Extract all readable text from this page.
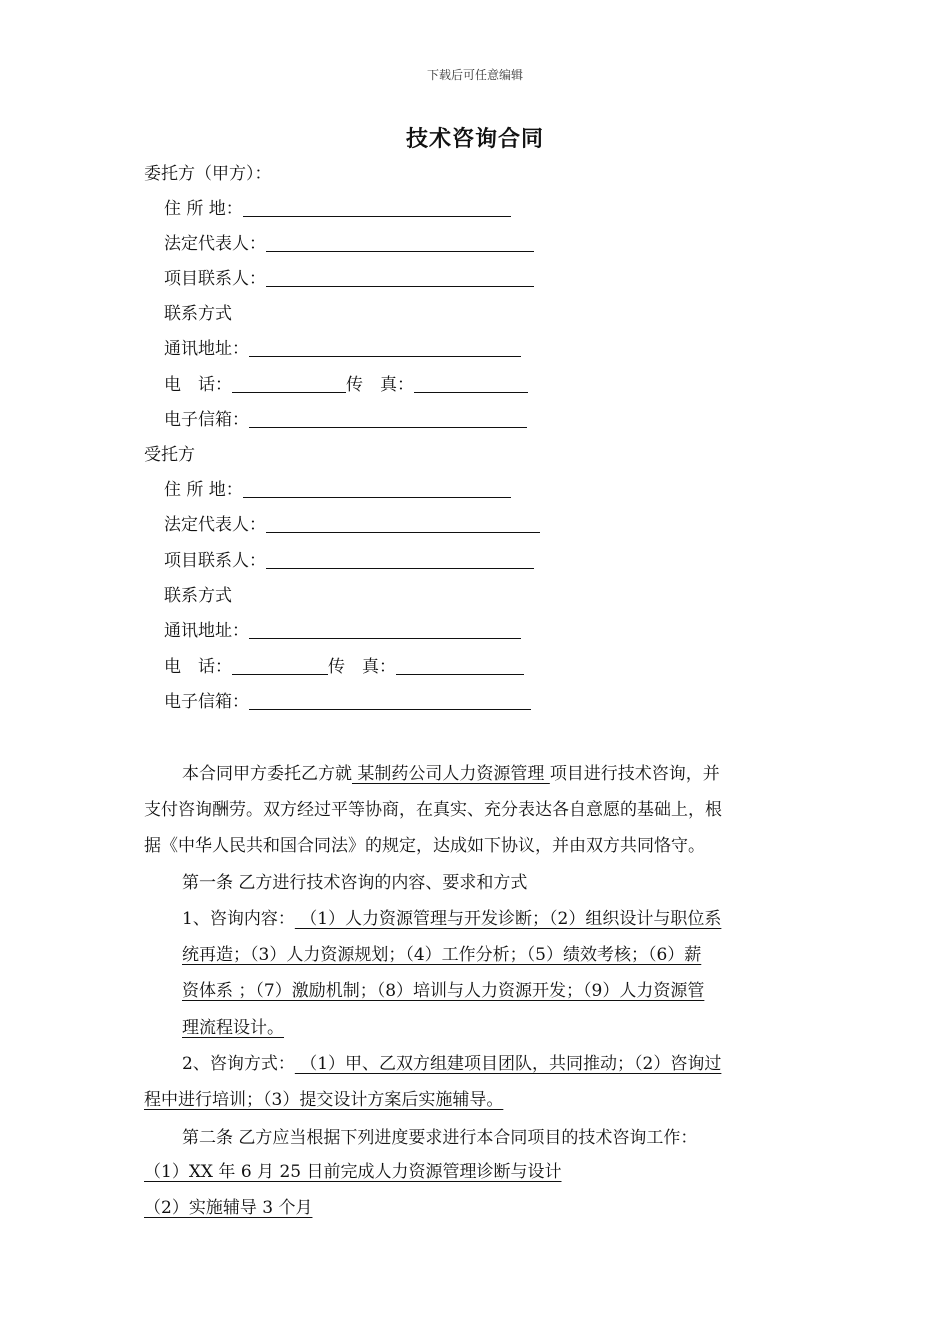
下载后可任意编辑
技术咨询合同
委托方（甲方）：
住 所 地：
法定代表人：
项目联系人：
联系方式
通讯地址：
电　话：	传　真：
电子信箱：
受托方
住 所 地：
法定代表人：
项目联系人：
联系方式
通讯地址：
电　话：	传　真：
电子信箱：
本合同甲方委托乙方就 某制药公司人力资源管理 项目进行技术咨询，并
支付咨询酬劳。双方经过平等协商，在真实、充分表达各自意愿的基础上，根
据《中华人民共和国合同法》的规定，达成如下协议，并由双方共同恪守。
第一条 乙方进行技术咨询的内容、要求和方式
1、咨询内容： （1）人力资源管理与开发诊断；（2）组织设计与职位系
统再造；（3）人力资源规划；（4）工作分析；（5）绩效考核；（6）薪
资体系 ；（7）激励机制；（8）培训与人力资源开发；（9）人力资源管
理流程设计。
2、咨询方式： （1）甲、乙双方组建项目团队，共同推动；（2）咨询过
程中进行培训；（3）提交设计方案后实施辅导。
第二条 乙方应当根据下列进度要求进行本合同项目的技术咨询工作：
（1）XX 年 6 月 25 日前完成人力资源管理诊断与设计
（2）实施辅导 3 个月
